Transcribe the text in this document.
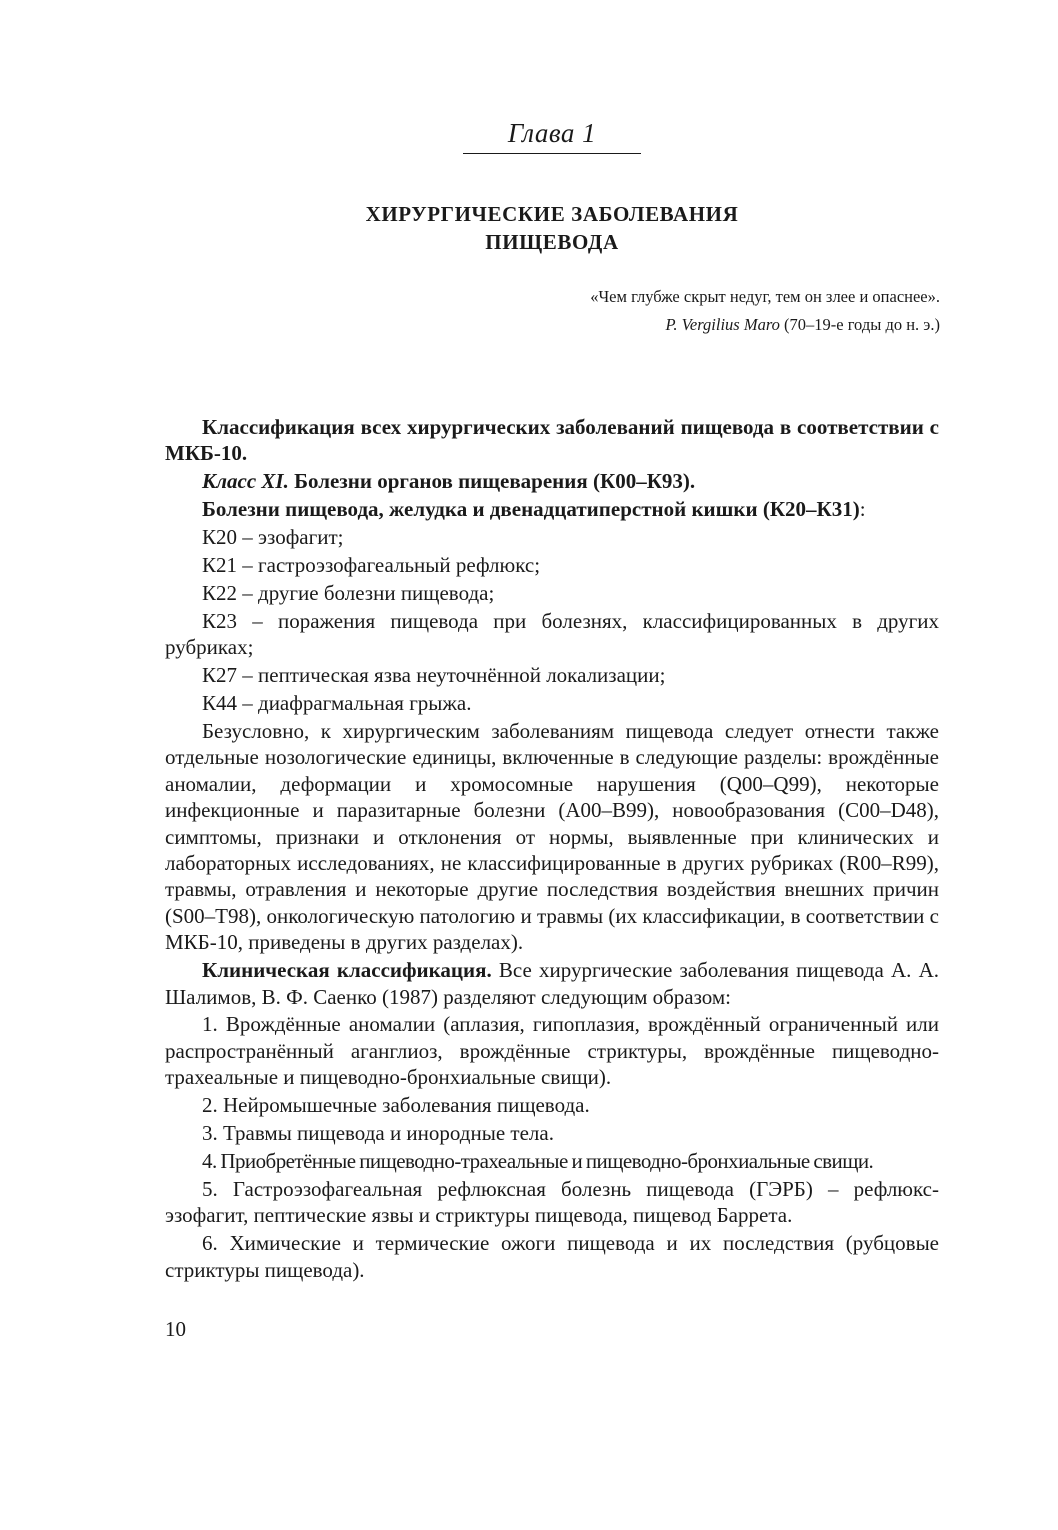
Глава 1
ХИРУРГИЧЕСКИЕ ЗАБОЛЕВАНИЯ
ПИЩЕВОДА
«Чем глубже скрыт недуг, тем он злее и опаснее».
P. Vergilius Maro (70–19-е годы до н. э.)

Классификация всех хирургических заболеваний пищевода в соответствии с МКБ-10.

Класс XI. Болезни органов пищеварения (К00–К93).

Болезни пищевода, желудка и двенадцатиперстной кишки (К20–К31):

К20 – эзофагит;

К21 – гастроэзофагеальный рефлюкс;

К22 – другие болезни пищевода;

К23 – поражения пищевода при болезнях, классифицированных в других рубриках;

К27 – пептическая язва неуточнённой локализации;

К44 – диафрагмальная грыжа.

Безусловно, к хирургическим заболеваниям пищевода следует отнести также отдельные нозологические единицы, включенные в следующие разделы: врождённые аномалии, деформации и хромосомные нарушения (Q00–Q99), некоторые инфекционные и паразитарные болезни (А00–В99), новообразования (С00–D48), симптомы, признаки и отклонения от нормы, выявленные при клинических и лабораторных исследованиях, не классифицированные в других рубриках (R00–R99), травмы, отравления и некоторые другие последствия воздействия внешних причин (S00–T98), онкологическую патологию и травмы (их классификации, в соответствии с МКБ-10, приведены в других разделах).

Клиническая классификация. Все хирургические заболевания пищевода А. А. Шалимов, В. Ф. Саенко (1987) разделяют следующим образом:

1. Врождённые аномалии (аплазия, гипоплазия, врождённый ограниченный или распространённый аганглиоз, врождённые стриктуры, врождённые пищеводно-трахеальные и пищеводно-бронхиальные свищи).

2. Нейромышечные заболевания пищевода.

3. Травмы пищевода и инородные тела.

4. Приобретённые пищеводно-трахеальные и пищеводно-бронхиальные свищи.

5. Гастроэзофагеальная рефлюксная болезнь пищевода (ГЭРБ) – рефлюкс-эзофагит, пептические язвы и стриктуры пищевода, пищевод Баррета.

6. Химические и термические ожоги пищевода и их последствия (рубцовые стриктуры пищевода).

10
